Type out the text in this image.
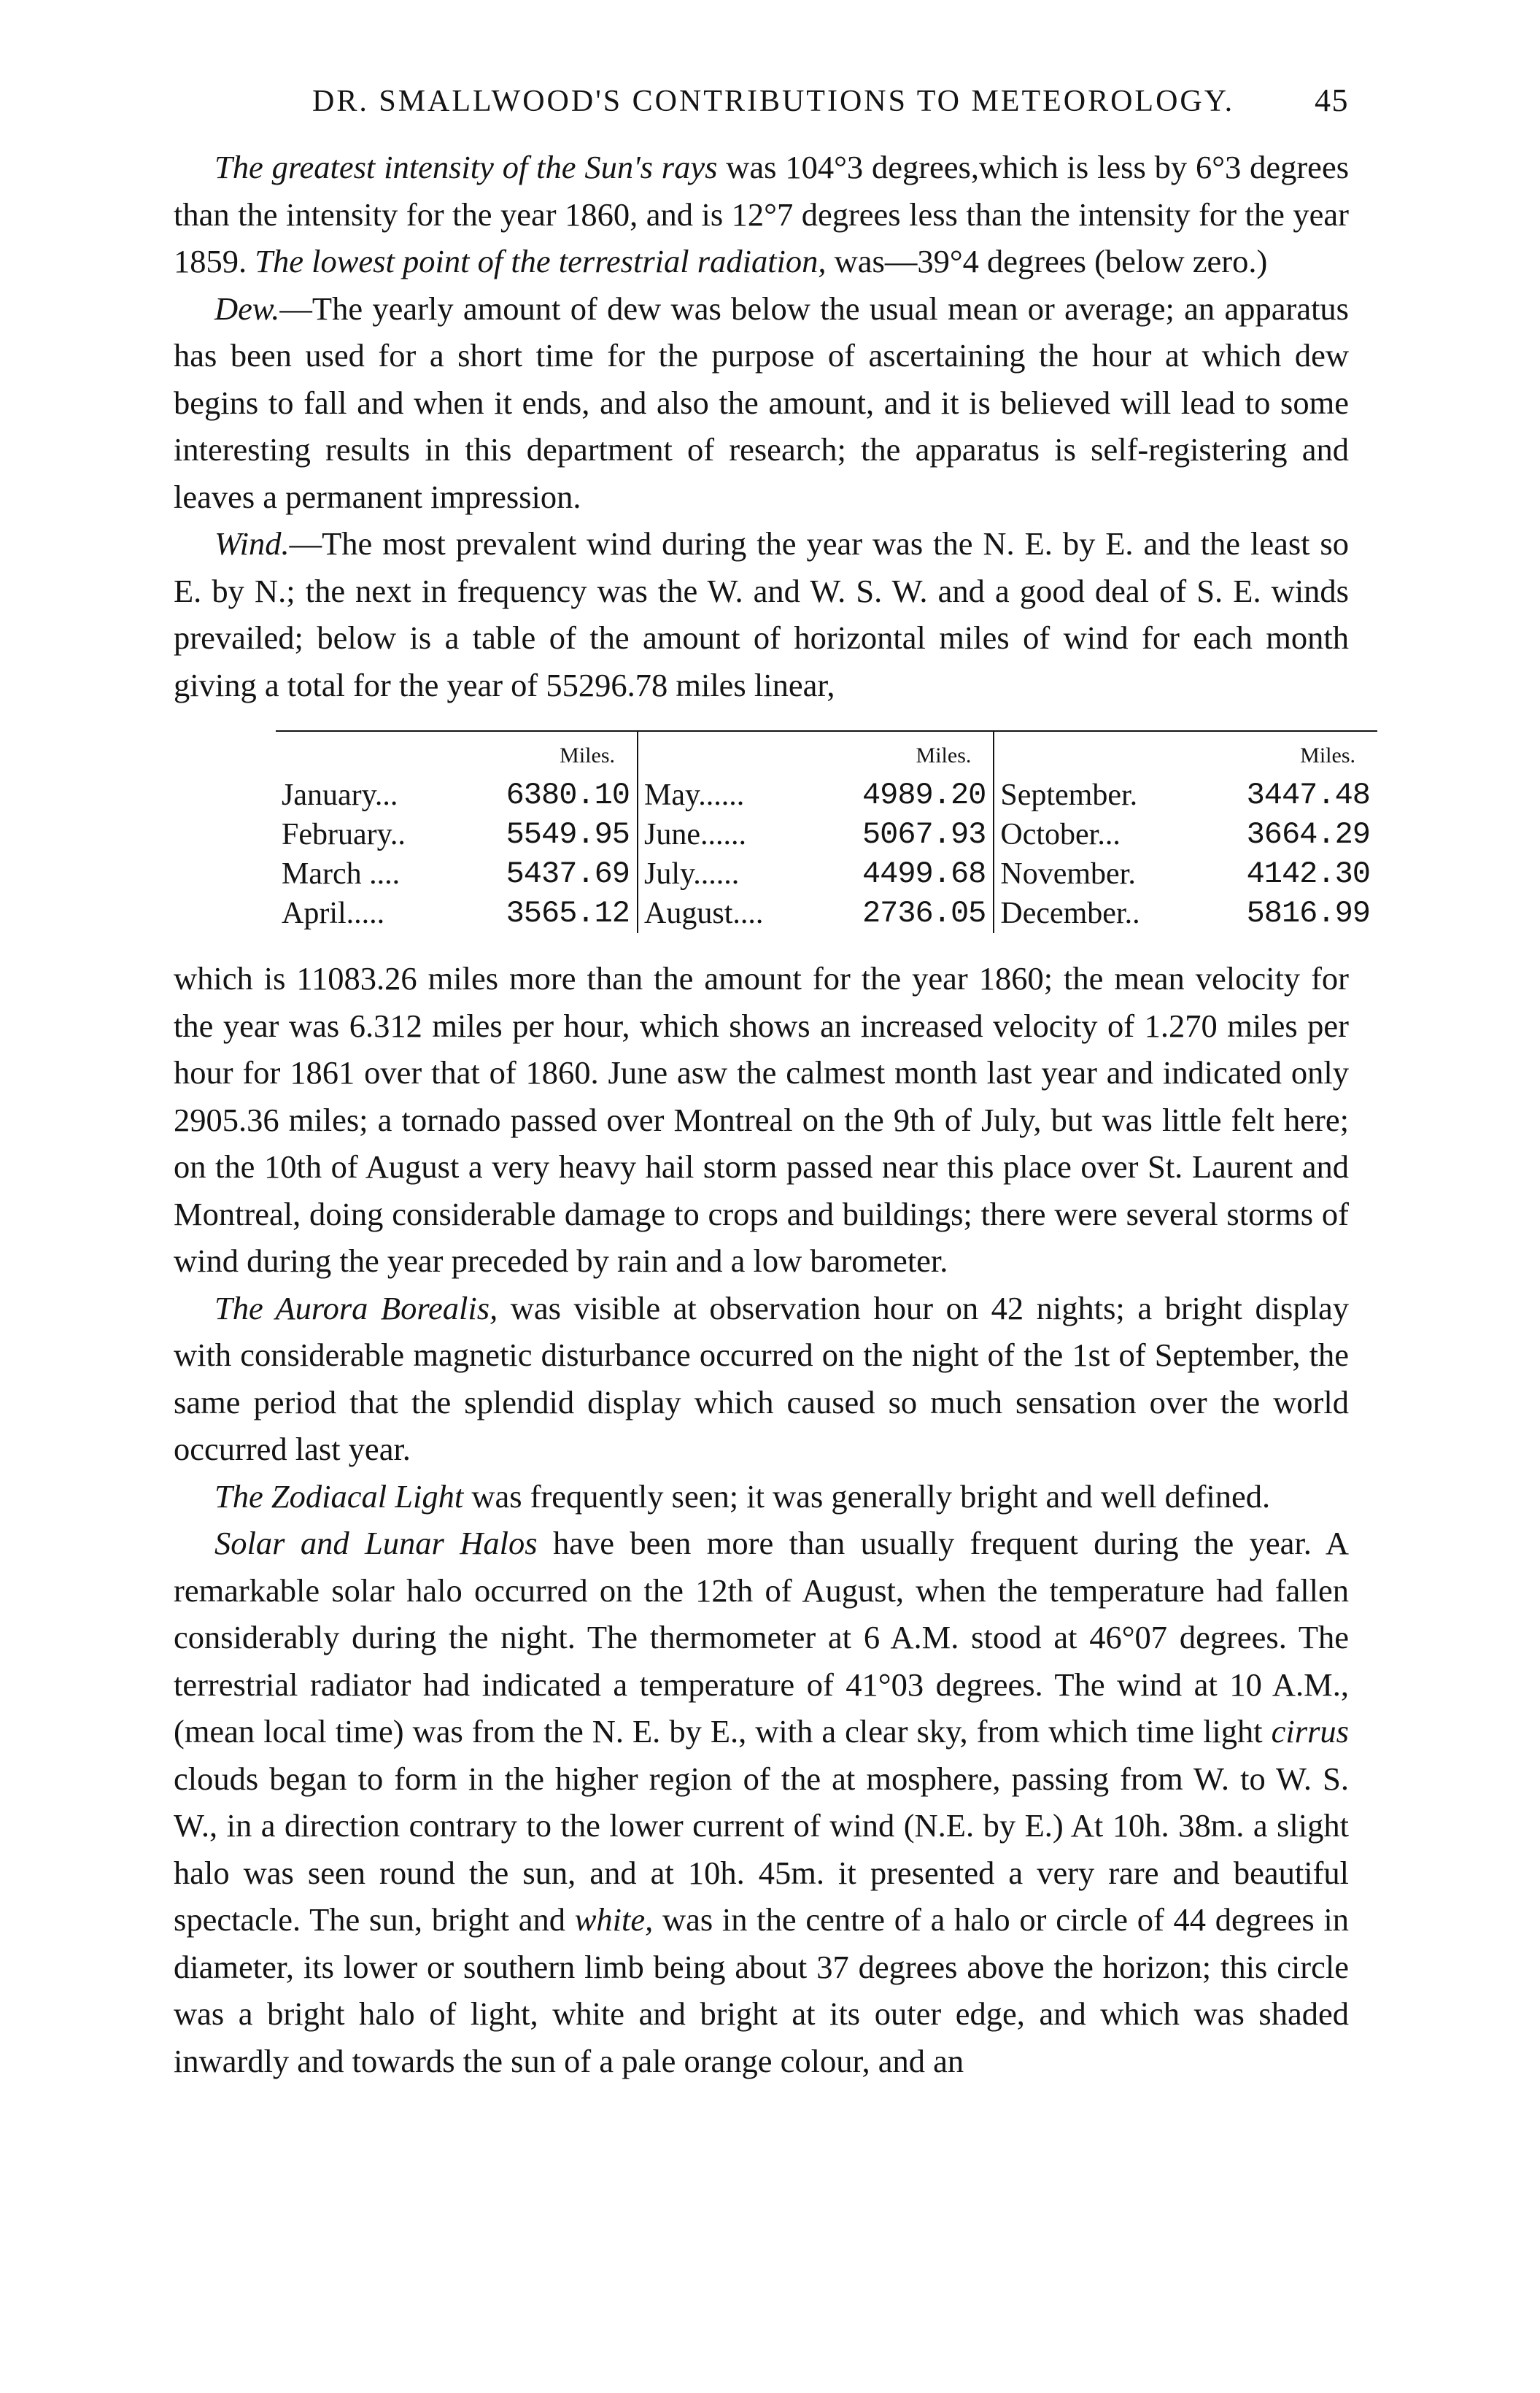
DR. SMALLWOOD'S CONTRIBUTIONS TO METEOROLOGY. 45

The greatest intensity of the Sun's rays was 104°3 degrees,which is less by 6°3 degrees than the intensity for the year 1860, and is 12°7 degrees less than the intensity for the year 1859. The lowest point of the terrestrial radiation, was—39°4 degrees (below zero.)

Dew.—The yearly amount of dew was below the usual mean or average; an apparatus has been used for a short time for the purpose of ascertaining the hour at which dew begins to fall and when it ends, and also the amount, and it is believed will lead to some interesting results in this department of research; the apparatus is self-registering and leaves a permanent impression.

Wind.—The most prevalent wind during the year was the N. E. by E. and the least so E. by N.; the next in frequency was the W. and W. S. W. and a good deal of S. E. winds prevailed; below is a table of the amount of horizontal miles of wind for each month giving a total for the year of 55296.78 miles linear,

	Miles.		Miles.		Miles.
January...	6380.10	May......	4989.20	September.	3447.48
February..	5549.95	June......	5067.93	October...	3664.29
March ....	5437.69	July......	4499.68	November.	4142.30
April.....	3565.12	August....	2736.05	December..	5816.99

which is 11083.26 miles more than the amount for the year 1860; the mean velocity for the year was 6.312 miles per hour, which shows an increased velocity of 1.270 miles per hour for 1861 over that of 1860. June asw the calmest month last year and indicated only 2905.36 miles; a tornado passed over Montreal on the 9th of July, but was little felt here; on the 10th of August a very heavy hail storm passed near this place over St. Laurent and Montreal, doing considerable damage to crops and buildings; there were several storms of wind during the year preceded by rain and a low barometer.

The Aurora Borealis, was visible at observation hour on 42 nights; a bright display with considerable magnetic disturbance occurred on the night of the 1st of September, the same period that the splendid display which caused so much sensation over the world occurred last year.

The Zodiacal Light was frequently seen; it was generally bright and well defined.

Solar and Lunar Halos have been more than usually frequent during the year. A remarkable solar halo occurred on the 12th of August, when the temperature had fallen considerably during the night. The thermometer at 6 A.M. stood at 46°07 degrees. The terrestrial radiator had indicated a temperature of 41°03 degrees. The wind at 10 A.M., (mean local time) was from the N. E. by E., with a clear sky, from which time light cirrus clouds began to form in the higher region of the at mosphere, passing from W. to W. S. W., in a direction contrary to the lower current of wind (N.E. by E.) At 10h. 38m. a slight halo was seen round the sun, and at 10h. 45m. it presented a very rare and beautiful spectacle. The sun, bright and white, was in the centre of a halo or circle of 44 degrees in diameter, its lower or southern limb being about 37 degrees above the horizon; this circle was a bright halo of light, white and bright at its outer edge, and which was shaded inwardly and towards the sun of a pale orange colour, and an
